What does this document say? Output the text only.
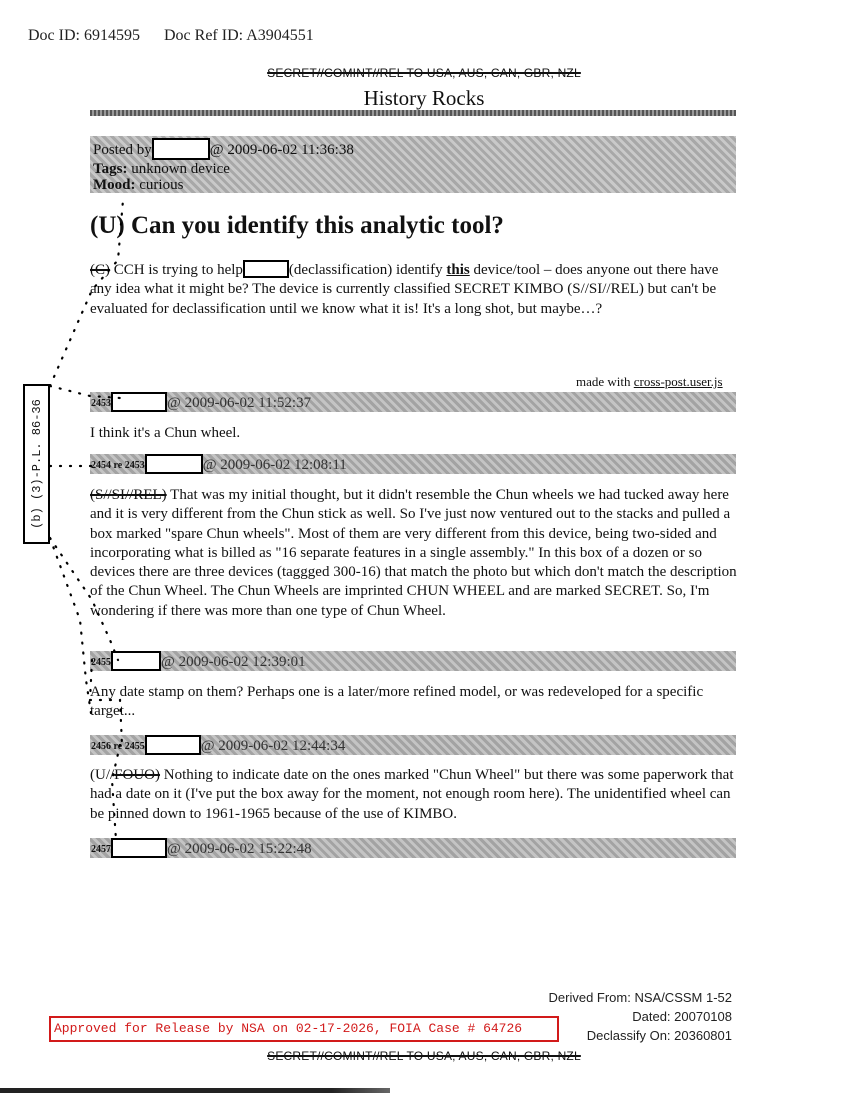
Doc ID: 6914595 Doc Ref ID: A3904551
SECRET//COMINT//REL TO USA, AUS, CAN, GBR, NZL
History Rocks
Posted by	@ 2009-06-02 11:36:38
Tags: unknown device
Mood: curious
(U) Can you identify this analytic tool?
(C) CCH is trying to help	(declassification) identify this device/tool – does anyone out there have any idea what it might be? The device is currently classified SECRET KIMBO (S//SI//REL) but can't be evaluated for declassification until we know what it is! It's a long shot, but maybe…?
made with cross-post.user.js
2453	@ 2009-06-02 11:52:37
I think it's a Chun wheel.
2454 re 2453	@ 2009-06-02 12:08:11
(S//SI//REL) That was my initial thought, but it didn't resemble the Chun wheels we had tucked away here and it is very different from the Chun stick as well. So I've just now ventured out to the stacks and pulled a box marked "spare Chun wheels". Most of them are very different from this device, being two-sided and incorporating what is billed as "16 separate features in a single assembly." In this box of a dozen or so devices there are three devices (taggged 300-16) that match the photo but which don't match the description of the Chun Wheel. The Chun Wheels are imprinted CHUN WHEEL and are marked SECRET. So, I'm wondering if there was more than one type of Chun Wheel.
2455	@ 2009-06-02 12:39:01
Any date stamp on them? Perhaps one is a later/more refined model, or was redeveloped for a specific target...
2456 re 2455	@ 2009-06-02 12:44:34
(U//FOUO) Nothing to indicate date on the ones marked "Chun Wheel" but there was some paperwork that had a date on it (I've put the box away for the moment, not enough room here). The unidentified wheel can be pinned down to 1961-1965 because of the use of KIMBO.
2457	@ 2009-06-02 15:22:48
(b) (3)-P.L. 86-36
Derived From: NSA/CSSM 1-52
Dated: 20070108
Declassify On: 20360801
Approved for Release by NSA on 02-17-2026, FOIA Case # 64726
SECRET//COMINT//REL TO USA, AUS, CAN, GBR, NZL
